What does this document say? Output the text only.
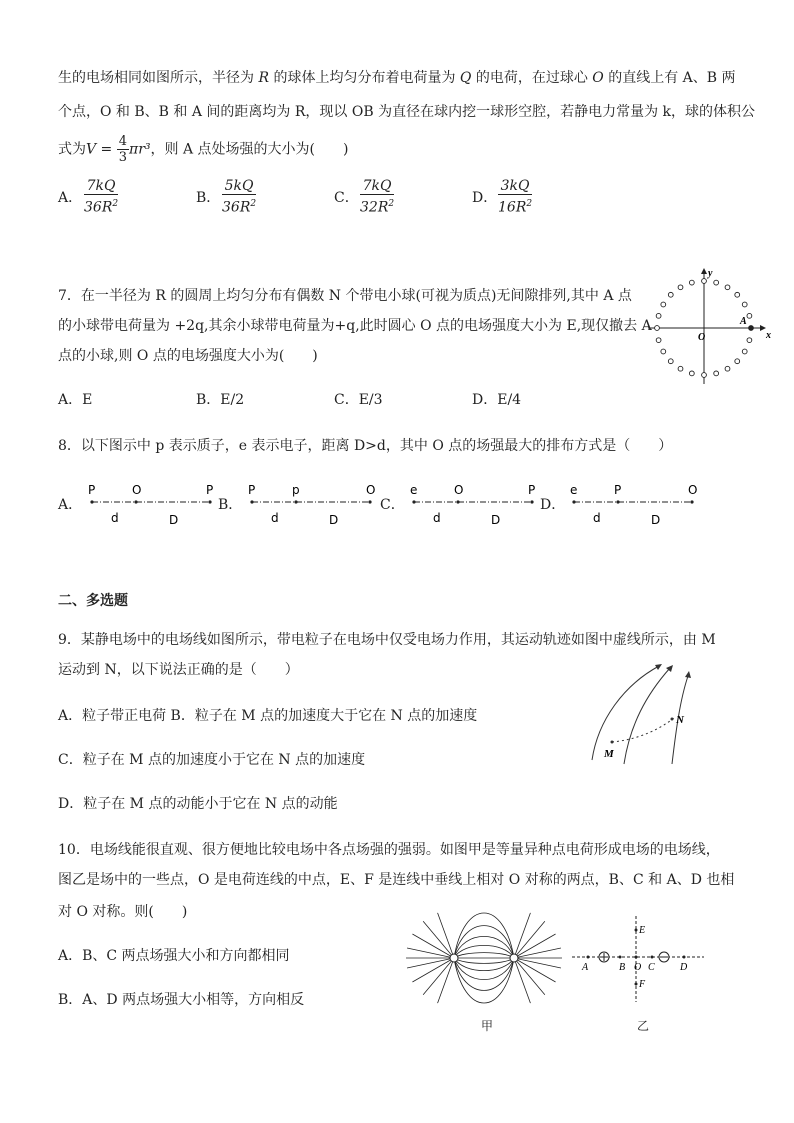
生的电场相同如图所示，半径为 R 的球体上均匀分布着电荷量为 Q 的电荷，在过球心 O 的直线上有 A、B 两
个点，O 和 B、B 和 A 间的距离均为 R，现以 OB 为直径在球内挖一球形空腔，若静电力常量为 k，球的体积公
式为$V = \frac{4}{3} \pi r^3$，则 A 点处场强的大小为(　　)
A． $\frac{7kQ}{36R^2}$	B． $\frac{5kQ}{36R^2}$	C． $\frac{7kQ}{32R^2}$	D． $\frac{3kQ}{16R^2}$
7．在一半径为 R 的圆周上均匀分布有偶数 N 个带电小球(可视为质点)无间隙排列,其中 A 点
的小球带电荷量为 +2q,其余小球带电荷量为+q,此时圆心 O 点的电场强度大小为 E,现仅撤去 A
点的小球,则 O 点的电场强度大小为(　　)
A．E	B．E/2	C．E/3	D．E/4
y
x
O
A
8．以下图示中 p 表示质子，e 表示电子，距离 D>d，其中 O 点的场强最大的排布方式是（　　）
A．
P	O	P
d	D
B．
P	p	O
d	D
C．
e	O	P
d	D
D．
e	P	O
d	D
二、多选题
9．某静电场中的电场线如图所示，带电粒子在电场中仅受电场力作用，其运动轨迹如图中虚线所示，由 M
运动到 N，以下说法正确的是（　　）
A．粒子带正电荷 B．粒子在 M 点的加速度大于它在 N 点的加速度
C．粒子在 M 点的加速度小于它在 N 点的加速度
D．粒子在 M 点的动能小于它在 N 点的动能
M
N
10．电场线能很直观、很方便地比较电场中各点场强的强弱。如图甲是等量异种点电荷形成电场的电场线，
图乙是场中的一些点，O 是电荷连线的中点，E、F 是连线中垂线上相对 O 对称的两点，B、C 和 A、D 也相
对 O 对称。则(　　)
A．B、C 两点场强大小和方向都相同
B．A、D 两点场强大小相等，方向相反
甲
A	B O C	D
E
F
乙
